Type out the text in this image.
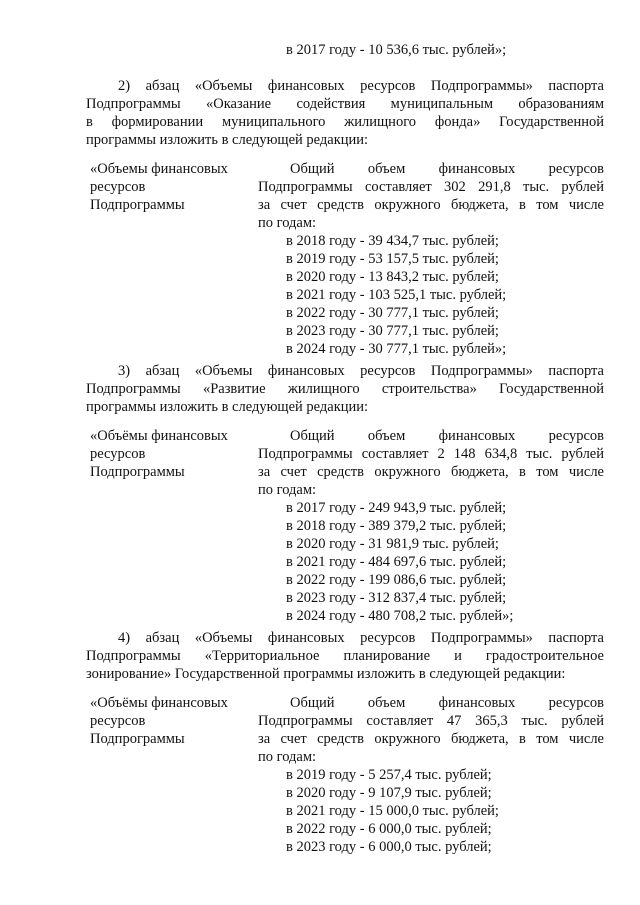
в 2017 году - 10 536,6 тыс. рублей»;
2) абзац «Объемы финансовых ресурсов Подпрограммы» паспорта
Подпрограммы «Оказание содействия муниципальным образованиям
в формировании муниципального жилищного фонда» Государственной
программы изложить в следующей редакции:
«Объемы финансовых
ресурсов
Подпрограммы
Общий объем финансовых ресурсов
Подпрограммы составляет 302 291,8 тыс. рублей
за счет средств окружного бюджета, в том числе
по годам:
в 2018 году - 39 434,7 тыс. рублей;
в 2019 году - 53 157,5 тыс. рублей;
в 2020 году - 13 843,2 тыс. рублей;
в 2021 году - 103 525,1 тыс. рублей;
в 2022 году - 30 777,1 тыс. рублей;
в 2023 году - 30 777,1 тыс. рублей;
в 2024 году - 30 777,1 тыс. рублей»;
3) абзац «Объемы финансовых ресурсов Подпрограммы» паспорта
Подпрограммы «Развитие жилищного строительства» Государственной
программы изложить в следующей редакции:
«Объёмы финансовых
ресурсов
Подпрограммы
Общий объем финансовых ресурсов
Подпрограммы составляет 2 148 634,8 тыс. рублей
за счет средств окружного бюджета, в том числе
по годам:
в 2017 году - 249 943,9 тыс. рублей;
в 2018 году - 389 379,2 тыс. рублей;
в 2020 году - 31 981,9 тыс. рублей;
в 2021 году - 484 697,6 тыс. рублей;
в 2022 году - 199 086,6 тыс. рублей;
в 2023 году - 312 837,4 тыс. рублей;
в 2024 году - 480 708,2 тыс. рублей»;
4) абзац «Объемы финансовых ресурсов Подпрограммы» паспорта
Подпрограммы «Территориальное планирование и градостроительное
зонирование» Государственной программы изложить в следующей редакции:
«Объёмы финансовых
ресурсов
Подпрограммы
Общий объем финансовых ресурсов
Подпрограммы составляет 47 365,3 тыс. рублей
за счет средств окружного бюджета, в том числе
по годам:
в 2019 году - 5 257,4 тыс. рублей;
в 2020 году - 9 107,9 тыс. рублей;
в 2021 году - 15 000,0 тыс. рублей;
в 2022 году - 6 000,0 тыс. рублей;
в 2023 году - 6 000,0 тыс. рублей;
